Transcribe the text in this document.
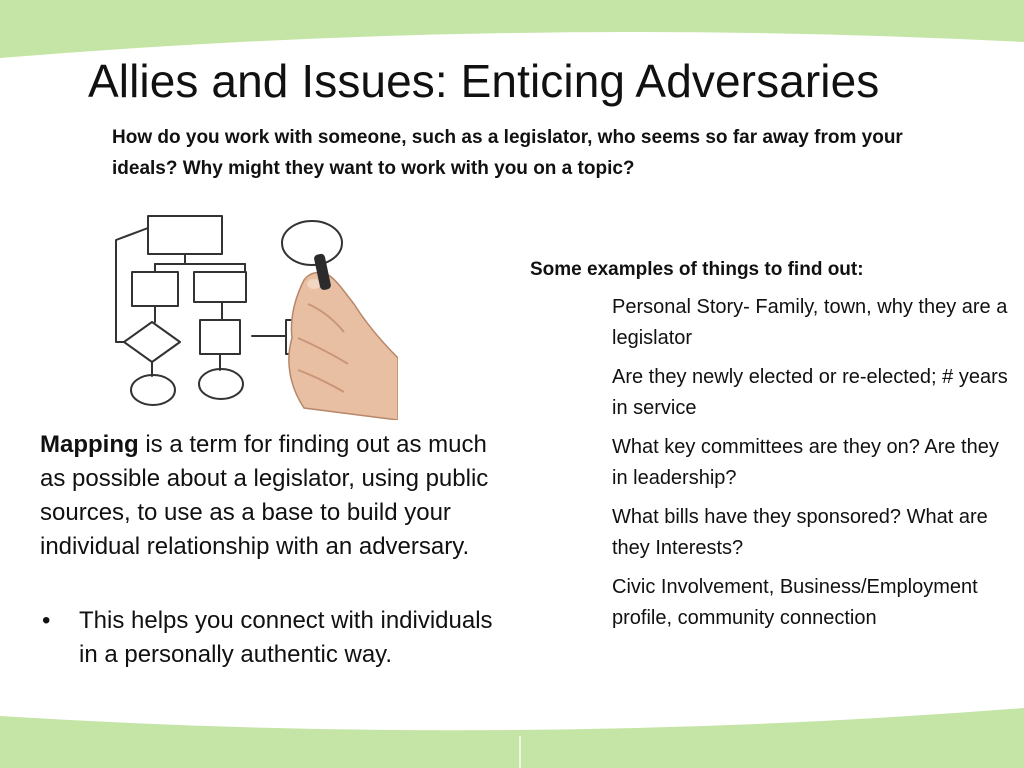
Allies and Issues: Enticing Adversaries
How do you work with someone, such as a legislator, who seems so far away from your ideals? Why might they want to work with you on a topic?
Some examples of things to find out:
Personal Story- Family, town, why they are a legislator
Are they newly elected or re-elected; # years in service
What key committees are they on? Are they in leadership?
What bills have they sponsored? What are they Interests?
Civic Involvement, Business/Employment profile, community connection
Mapping is a term for finding out as much as possible about a legislator, using public sources, to use as a base to build your individual relationship with an adversary.
• This helps you connect with individuals in a personally authentic way.
